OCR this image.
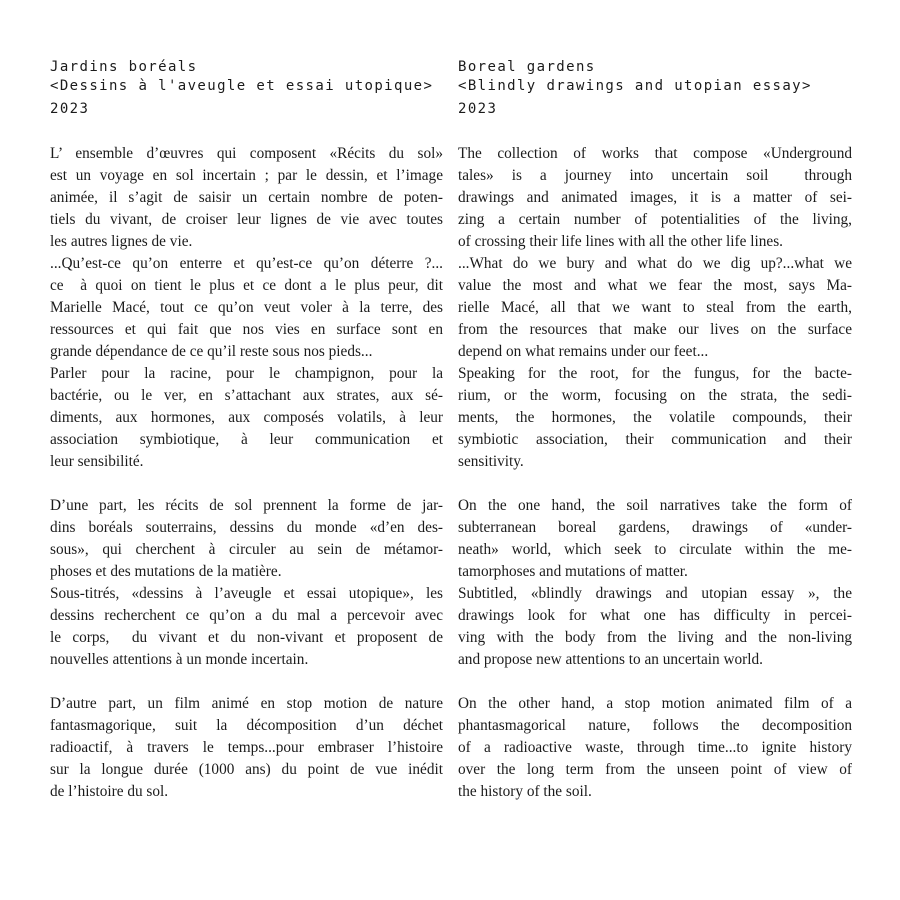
Jardins boréals
<Dessins à l'aveugle et essai utopique>
2023
L’ ensemble d’œuvres qui composent «Récits du sol»
est un voyage en sol incertain ; par le dessin, et l’image
animée, il s’agit de saisir un certain nombre de poten-
tiels du vivant, de croiser leur lignes de vie avec toutes
les autres lignes de vie.
...Qu’est-ce qu’on enterre et qu’est-ce qu’on déterre ?...
ce  à quoi on tient le plus et ce dont a le plus peur, dit
Marielle Macé, tout ce qu’on veut voler à la terre, des
ressources et qui fait que nos vies en surface sont en
grande dépendance de ce qu’il reste sous nos pieds...
Parler pour la racine, pour le champignon, pour la
bactérie, ou le ver, en s’attachant aux strates, aux sé-
diments, aux hormones, aux composés volatils, à leur
association symbiotique, à leur communication et
leur sensibilité.
D’une part, les récits de sol prennent la forme de jar-
dins boréals souterrains, dessins du monde «d’en des-
sous», qui cherchent à circuler au sein de métamor-
phoses et des mutations de la matière.
Sous-titrés, «dessins à l’aveugle et essai utopique», les
dessins recherchent ce qu’on a du mal a percevoir avec
le corps,  du vivant et du non-vivant et proposent de
nouvelles attentions à un monde incertain.
D’autre part, un film animé en stop motion de nature
fantasmagorique, suit la décomposition d’un déchet
radioactif, à travers le temps...pour embraser l’histoire
sur la longue durée (1000 ans) du point de vue inédit
de l’histoire du sol.
Boreal gardens
<Blindly drawings and utopian essay>
2023
The collection of works that compose «Underground
tales» is a journey into uncertain soil  through
drawings and animated images, it is a matter of sei-
zing a certain number of potentialities of the living,
of crossing their life lines with all the other life lines.
...What do we bury and what do we dig up?...what we
value the most and what we fear the most, says Ma-
rielle Macé, all that we want to steal from the earth,
from the resources that make our lives on the surface
depend on what remains under our feet...
Speaking for the root, for the fungus, for the bacte-
rium, or the worm, focusing on the strata, the sedi-
ments, the hormones, the volatile compounds, their
symbiotic association, their communication and their
sensitivity.
On the one hand, the soil narratives take the form of
subterranean boreal gardens, drawings of «under-
neath» world, which seek to circulate within the me-
tamorphoses and mutations of matter.
Subtitled, «blindly drawings and utopian essay », the
drawings look for what one has difficulty in percei-
ving with the body from the living and the non-living
and propose new attentions to an uncertain world.
On the other hand, a stop motion animated film of a
phantasmagorical nature, follows the decomposition
of a radioactive waste, through time...to ignite history
over the long term from the unseen point of view of
the history of the soil.
